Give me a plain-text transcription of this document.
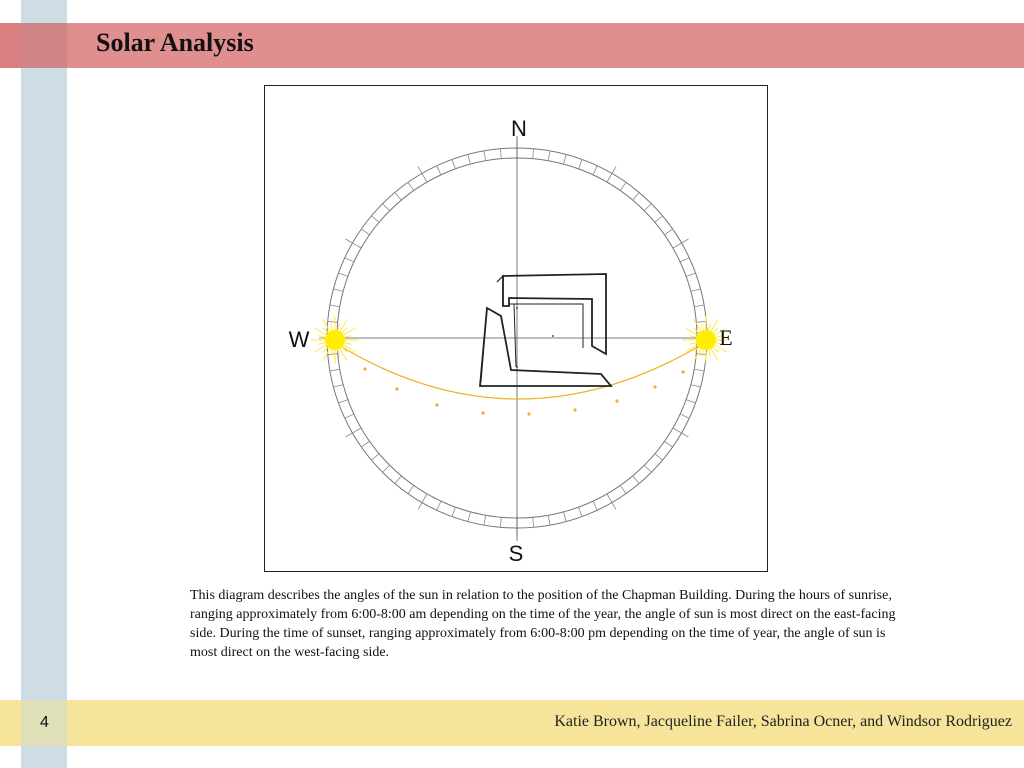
Solar Analysis
N
S
W	E
This diagram describes the angles of the sun in relation to the position of the Chapman Building. During the hours of sunrise, ranging approximately from 6:00-8:00 am depending on the time of the year, the angle of sun is most direct on the east-facing side. During the time of sunset, ranging approximately from 6:00-8:00 pm depending on the time of year, the angle of sun is most direct on the west-facing side.
4	Katie Brown, Jacqueline Failer, Sabrina Ocner, and Windsor Rodriguez
